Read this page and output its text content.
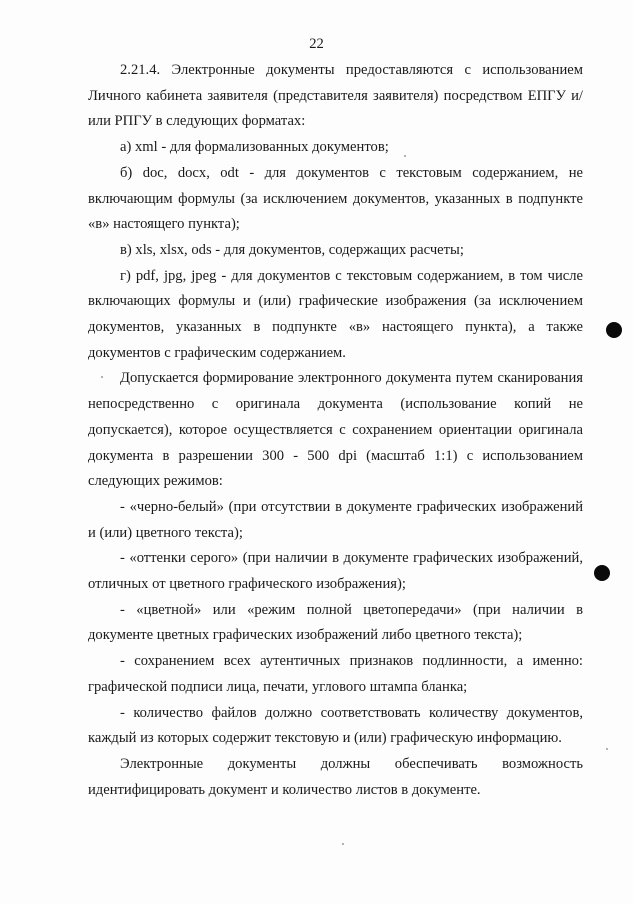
22

2.21.4. Электронные документы предоставляются с использованием Личного кабинета заявителя (представителя заявителя) посредством ЕПГУ и/или РПГУ в следующих форматах:

а) xml - для формализованных документов;

б) doc, docx, odt - для документов с текстовым содержанием, не включающим формулы (за исключением документов, указанных в подпункте «в» настоящего пункта);

в) xls, xlsx, ods - для документов, содержащих расчеты;

г) pdf, jpg, jpeg - для документов с текстовым содержанием, в том числе включающих формулы и (или) графические изображения (за исключением документов, указанных в подпункте «в» настоящего пункта), а также документов с графическим содержанием.

Допускается формирование электронного документа путем сканирования непосредственно с оригинала документа (использование копий не допускается), которое осуществляется с сохранением ориентации оригинала документа в разрешении 300 - 500 dpi (масштаб 1:1) с использованием следующих режимов:

- «черно-белый» (при отсутствии в документе графических изображений и (или) цветного текста);

- «оттенки серого» (при наличии в документе графических изображений, отличных от цветного графического изображения);

- «цветной» или «режим полной цветопередачи» (при наличии в документе цветных графических изображений либо цветного текста);

- сохранением всех аутентичных признаков подлинности, а именно: графической подписи лица, печати, углового штампа бланка;

- количество файлов должно соответствовать количеству документов, каждый из которых содержит текстовую и (или) графическую информацию.

Электронные документы должны обеспечивать возможность идентифицировать документ и количество листов в документе.
